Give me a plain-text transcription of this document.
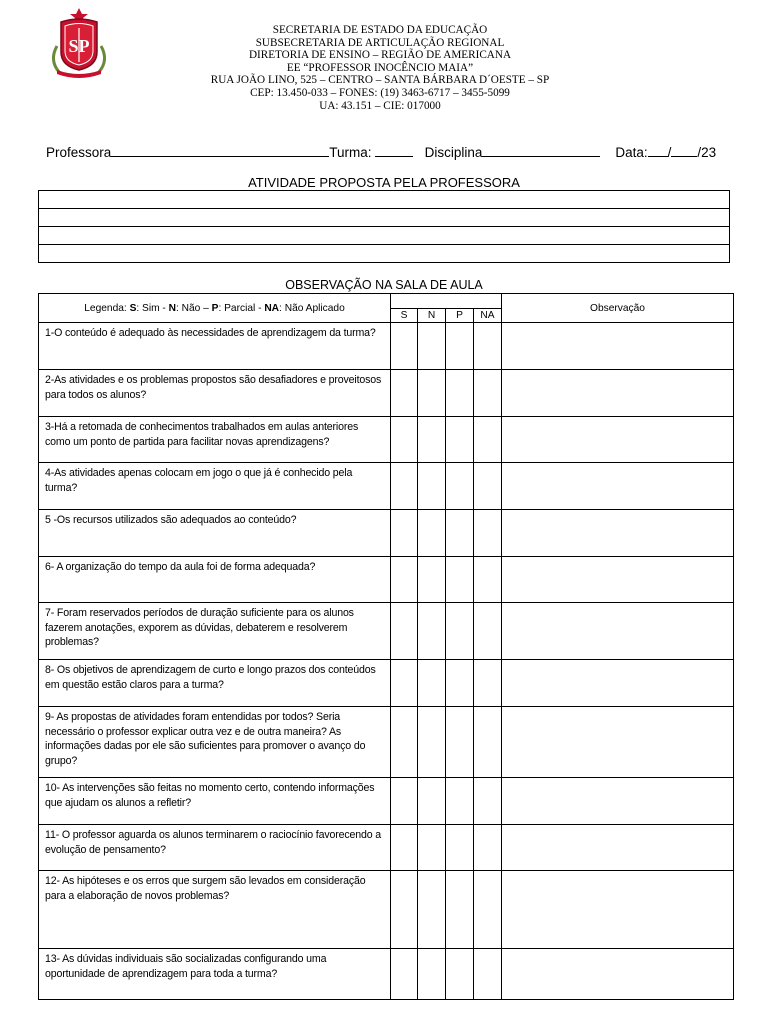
SP
SECRETARIA DE ESTADO DA EDUCAÇÃO
SUBSECRETARIA DE ARTICULAÇÃO REGIONAL
DIRETORIA DE ENSINO – REGIÃO DE AMERICANA
EE “PROFESSOR INOCÊNCIO MAIA”
RUA JOÃO LINO, 525 – CENTRO – SANTA BÁRBARA D´OESTE – SP
CEP: 13.450-033 – FONES: (19) 3463-6717 – 3455-5099
UA: 43.151 – CIE: 017000
Professora	Turma:	Disciplina	Data: / /23
ATIVIDADE PROPOSTA PELA PROFESSORA
OBSERVAÇÃO NA SALA DE AULA
Legenda: S: Sim - N: Não – P: Parcial - NA: Não Aplicado					Observação
	S	N	P	NA	
1-O conteúdo é adequado às necessidades de aprendizagem da turma?					
2-As atividades e os problemas propostos são desafiadores e proveitosos para todos os alunos?					
3-Há a retomada de conhecimentos trabalhados em aulas anteriores como um ponto de partida para facilitar novas aprendizagens?					
4-As atividades apenas colocam em jogo o que já é conhecido pela turma?					
5 -Os recursos utilizados são adequados ao conteúdo?					
6- A organização do tempo da aula foi de forma adequada?					
7- Foram reservados períodos de duração suficiente para os alunos fazerem anotações, exporem as dúvidas, debaterem e resolverem problemas?					
8- Os objetivos de aprendizagem de curto e longo prazos dos conteúdos em questão estão claros para a turma?					
9- As propostas de atividades foram entendidas por todos? Seria necessário o professor explicar outra vez e de outra maneira? As informações dadas por ele são suficientes para promover o avanço do grupo?					
10- As intervenções são feitas no momento certo, contendo informações que ajudam os alunos a refletir?					
11- O professor aguarda os alunos terminarem o raciocínio favorecendo a evolução de pensamento?					
12- As hipóteses e os erros que surgem são levados em consideração para a elaboração de novos problemas?					
13- As dúvidas individuais são socializadas configurando uma oportunidade de aprendizagem para toda a turma?					
